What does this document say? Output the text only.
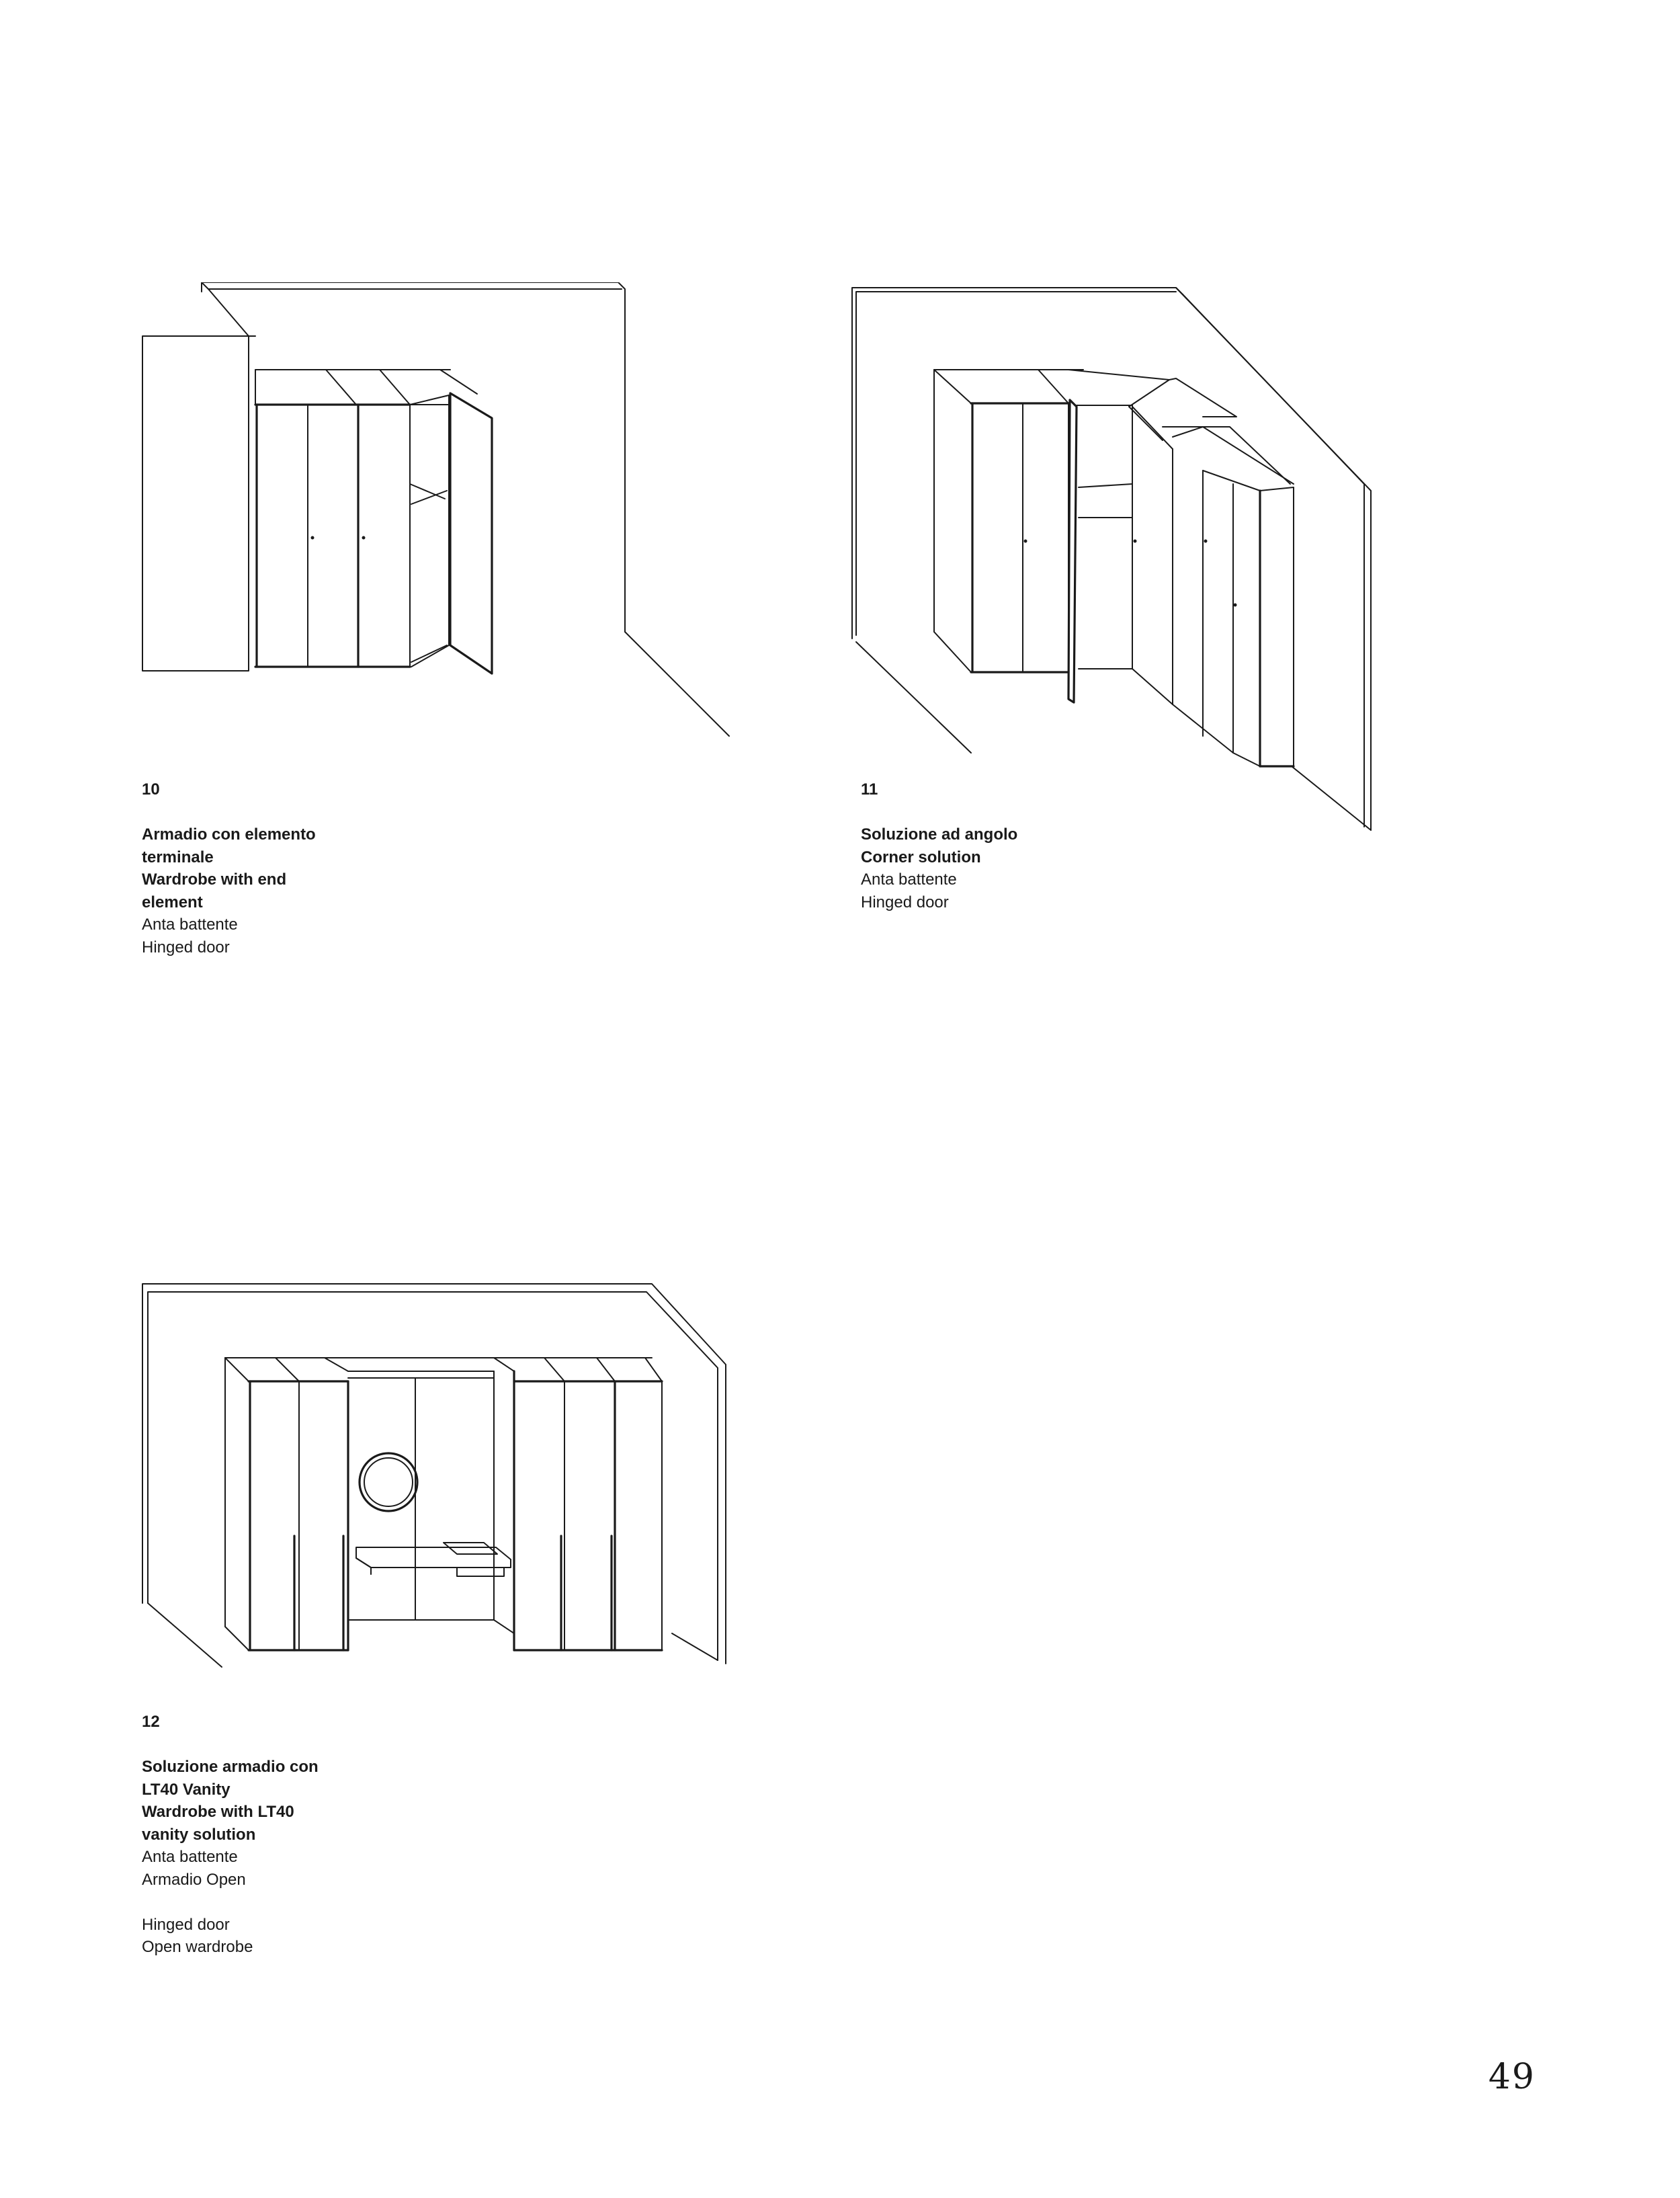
10
Armadio con elemento
terminale
Wardrobe with end
element
Anta battente
Hinged door
11
Soluzione ad angolo
Corner solution
Anta battente
Hinged door
12
Soluzione armadio con
LT40 Vanity
Wardrobe with LT40
vanity solution
Anta battente
Armadio Open
Hinged door
Open wardrobe
49
